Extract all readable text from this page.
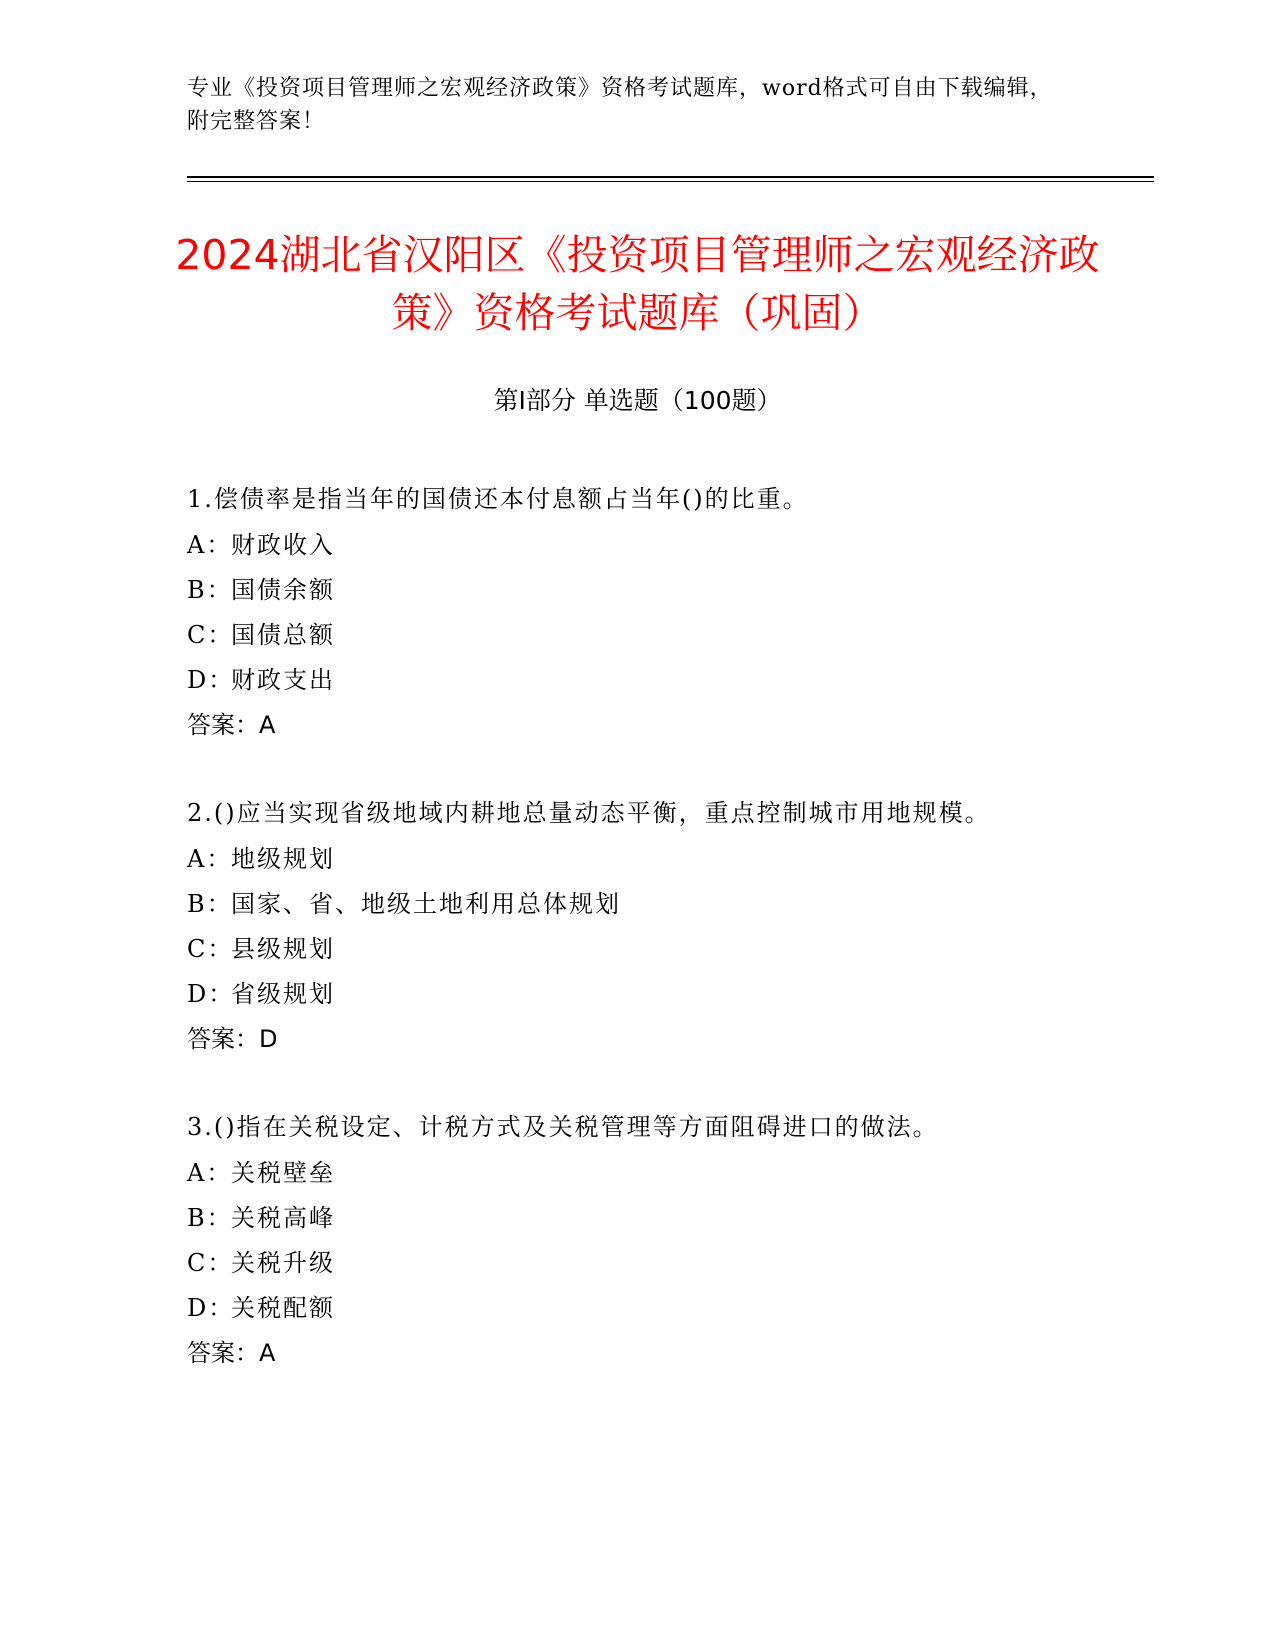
专业《投资项目管理师之宏观经济政策》资格考试题库，word格式可自由下载编辑，附完整答案！
2024湖北省汉阳区《投资项目管理师之宏观经济政策》资格考试题库（巩固）
第I部分 单选题（100题）
1.偿债率是指当年的国债还本付息额占当年()的比重。
A：财政收入
B：国债余额
C：国债总额
D：财政支出
答案：A
2.()应当实现省级地域内耕地总量动态平衡，重点控制城市用地规模。
A：地级规划
B：国家、省、地级土地利用总体规划
C：县级规划
D：省级规划
答案：D
3.()指在关税设定、计税方式及关税管理等方面阻碍进口的做法。
A：关税壁垒
B：关税高峰
C：关税升级
D：关税配额
答案：A
